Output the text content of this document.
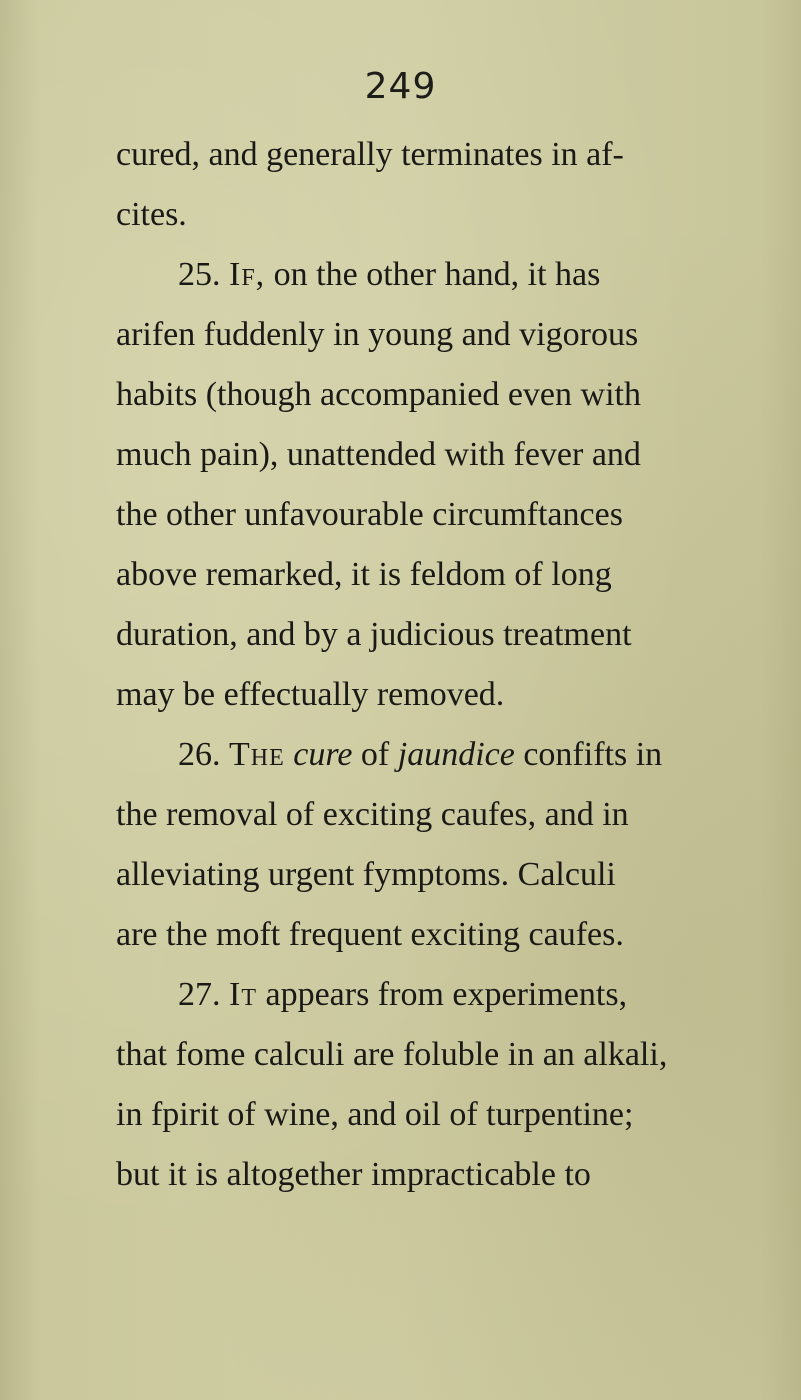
249
cured, and generally terminates in af-
cites.
25. If, on the other hand, it has
arifen fuddenly in young and vigorous
habits (though accompanied even with
much pain), unattended with fever and
the other unfavourable circumftances
above remarked, it is feldom of long
duration, and by a judicious treatment
may be effectually removed.
26. The cure of jaundice confifts in
the removal of exciting caufes, and in
alleviating urgent fymptoms. Calculi
are the moft frequent exciting caufes.
27. It appears from experiments,
that fome calculi are foluble in an alkali,
in fpirit of wine, and oil of turpentine;
but it is altogether impracticable to
